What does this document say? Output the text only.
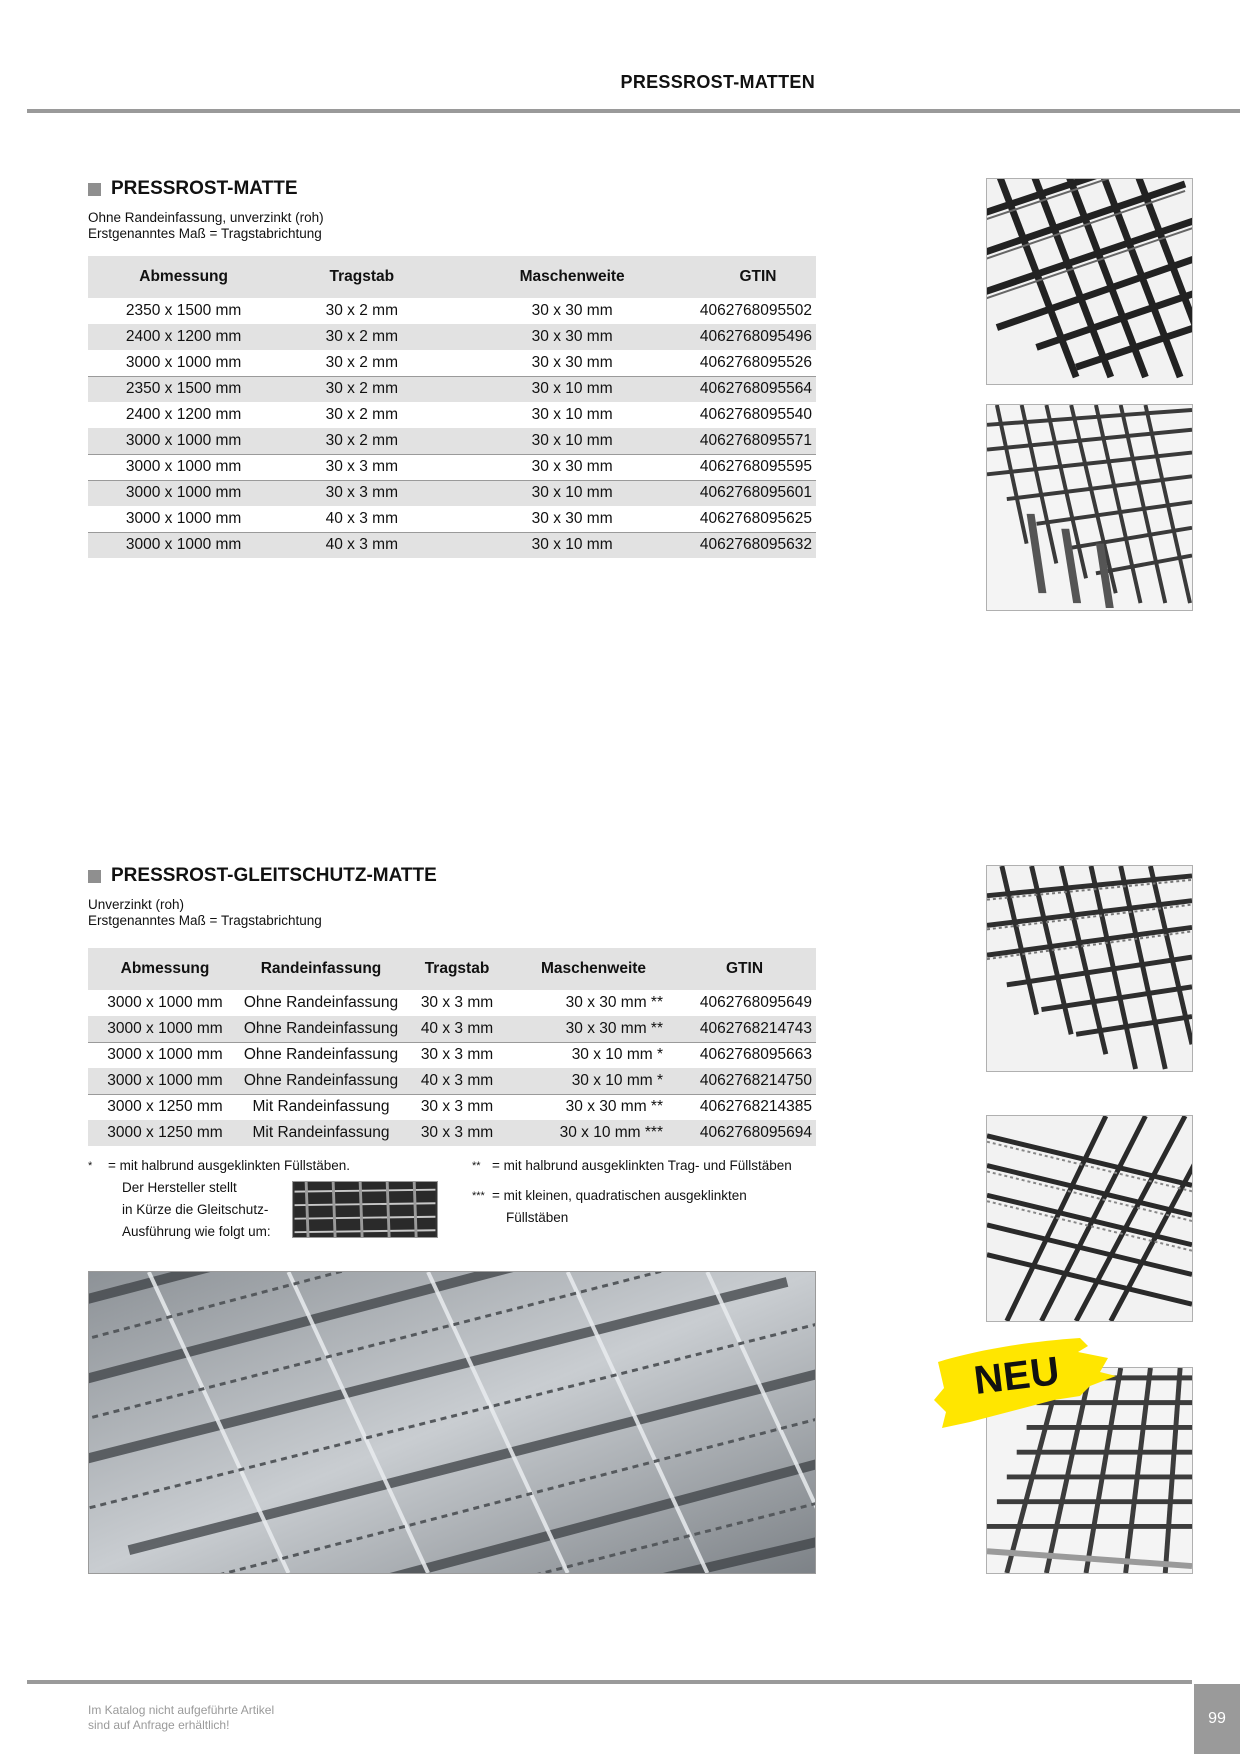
PRESSROST-MATTEN
PRESSROST-MATTE
Ohne Randeinfassung, unverzinkt (roh)
Erstgenanntes Maß = Tragstabrichtung
Abmessung	Tragstab	Maschenweite	GTIN
2350 x 1500 mm	30 x 2 mm	30 x 30 mm	4062768095502
2400 x 1200 mm	30 x 2 mm	30 x 30 mm	4062768095496
3000 x 1000 mm	30 x 2 mm	30 x 30 mm	4062768095526
2350 x 1500 mm	30 x 2 mm	30 x 10 mm	4062768095564
2400 x 1200 mm	30 x 2 mm	30 x 10 mm	4062768095540
3000 x 1000 mm	30 x 2 mm	30 x 10 mm	4062768095571
3000 x 1000 mm	30 x 3 mm	30 x 30 mm	4062768095595
3000 x 1000 mm	30 x 3 mm	30 x 10 mm	4062768095601
3000 x 1000 mm	40 x 3 mm	30 x 30 mm	4062768095625
3000 x 1000 mm	40 x 3 mm	30 x 10 mm	4062768095632
PRESSROST-GLEITSCHUTZ-MATTE
Unverzinkt (roh)
Erstgenanntes Maß = Tragstabrichtung
Abmessung	Randeinfassung	Tragstab	Maschenweite	GTIN
3000 x 1000 mm	Ohne Randeinfassung	30 x 3 mm	30 x 30 mm **	4062768095649
3000 x 1000 mm	Ohne Randeinfassung	40 x 3 mm	30 x 30 mm **	4062768214743
3000 x 1000 mm	Ohne Randeinfassung	30 x 3 mm	30 x 10 mm *	4062768095663
3000 x 1000 mm	Ohne Randeinfassung	40 x 3 mm	30 x 10 mm *	4062768214750
3000 x 1250 mm	Mit Randeinfassung	30 x 3 mm	30 x 30 mm **	4062768214385
3000 x 1250 mm	Mit Randeinfassung	30 x 3 mm	30 x 10 mm ***	4062768095694
*	= mit halbrund ausgeklinkten Füllstäben.
Der Hersteller stellt
in Kürze die Gleitschutz-
Ausführung wie folgt um:
** = mit halbrund ausgeklinkten Trag- und Füllstäben
*** = mit kleinen, quadratischen ausgeklinkten
Füllstäben
NEU
Im Katalog nicht aufgeführte Artikel
sind auf Anfrage erhältlich!	99
